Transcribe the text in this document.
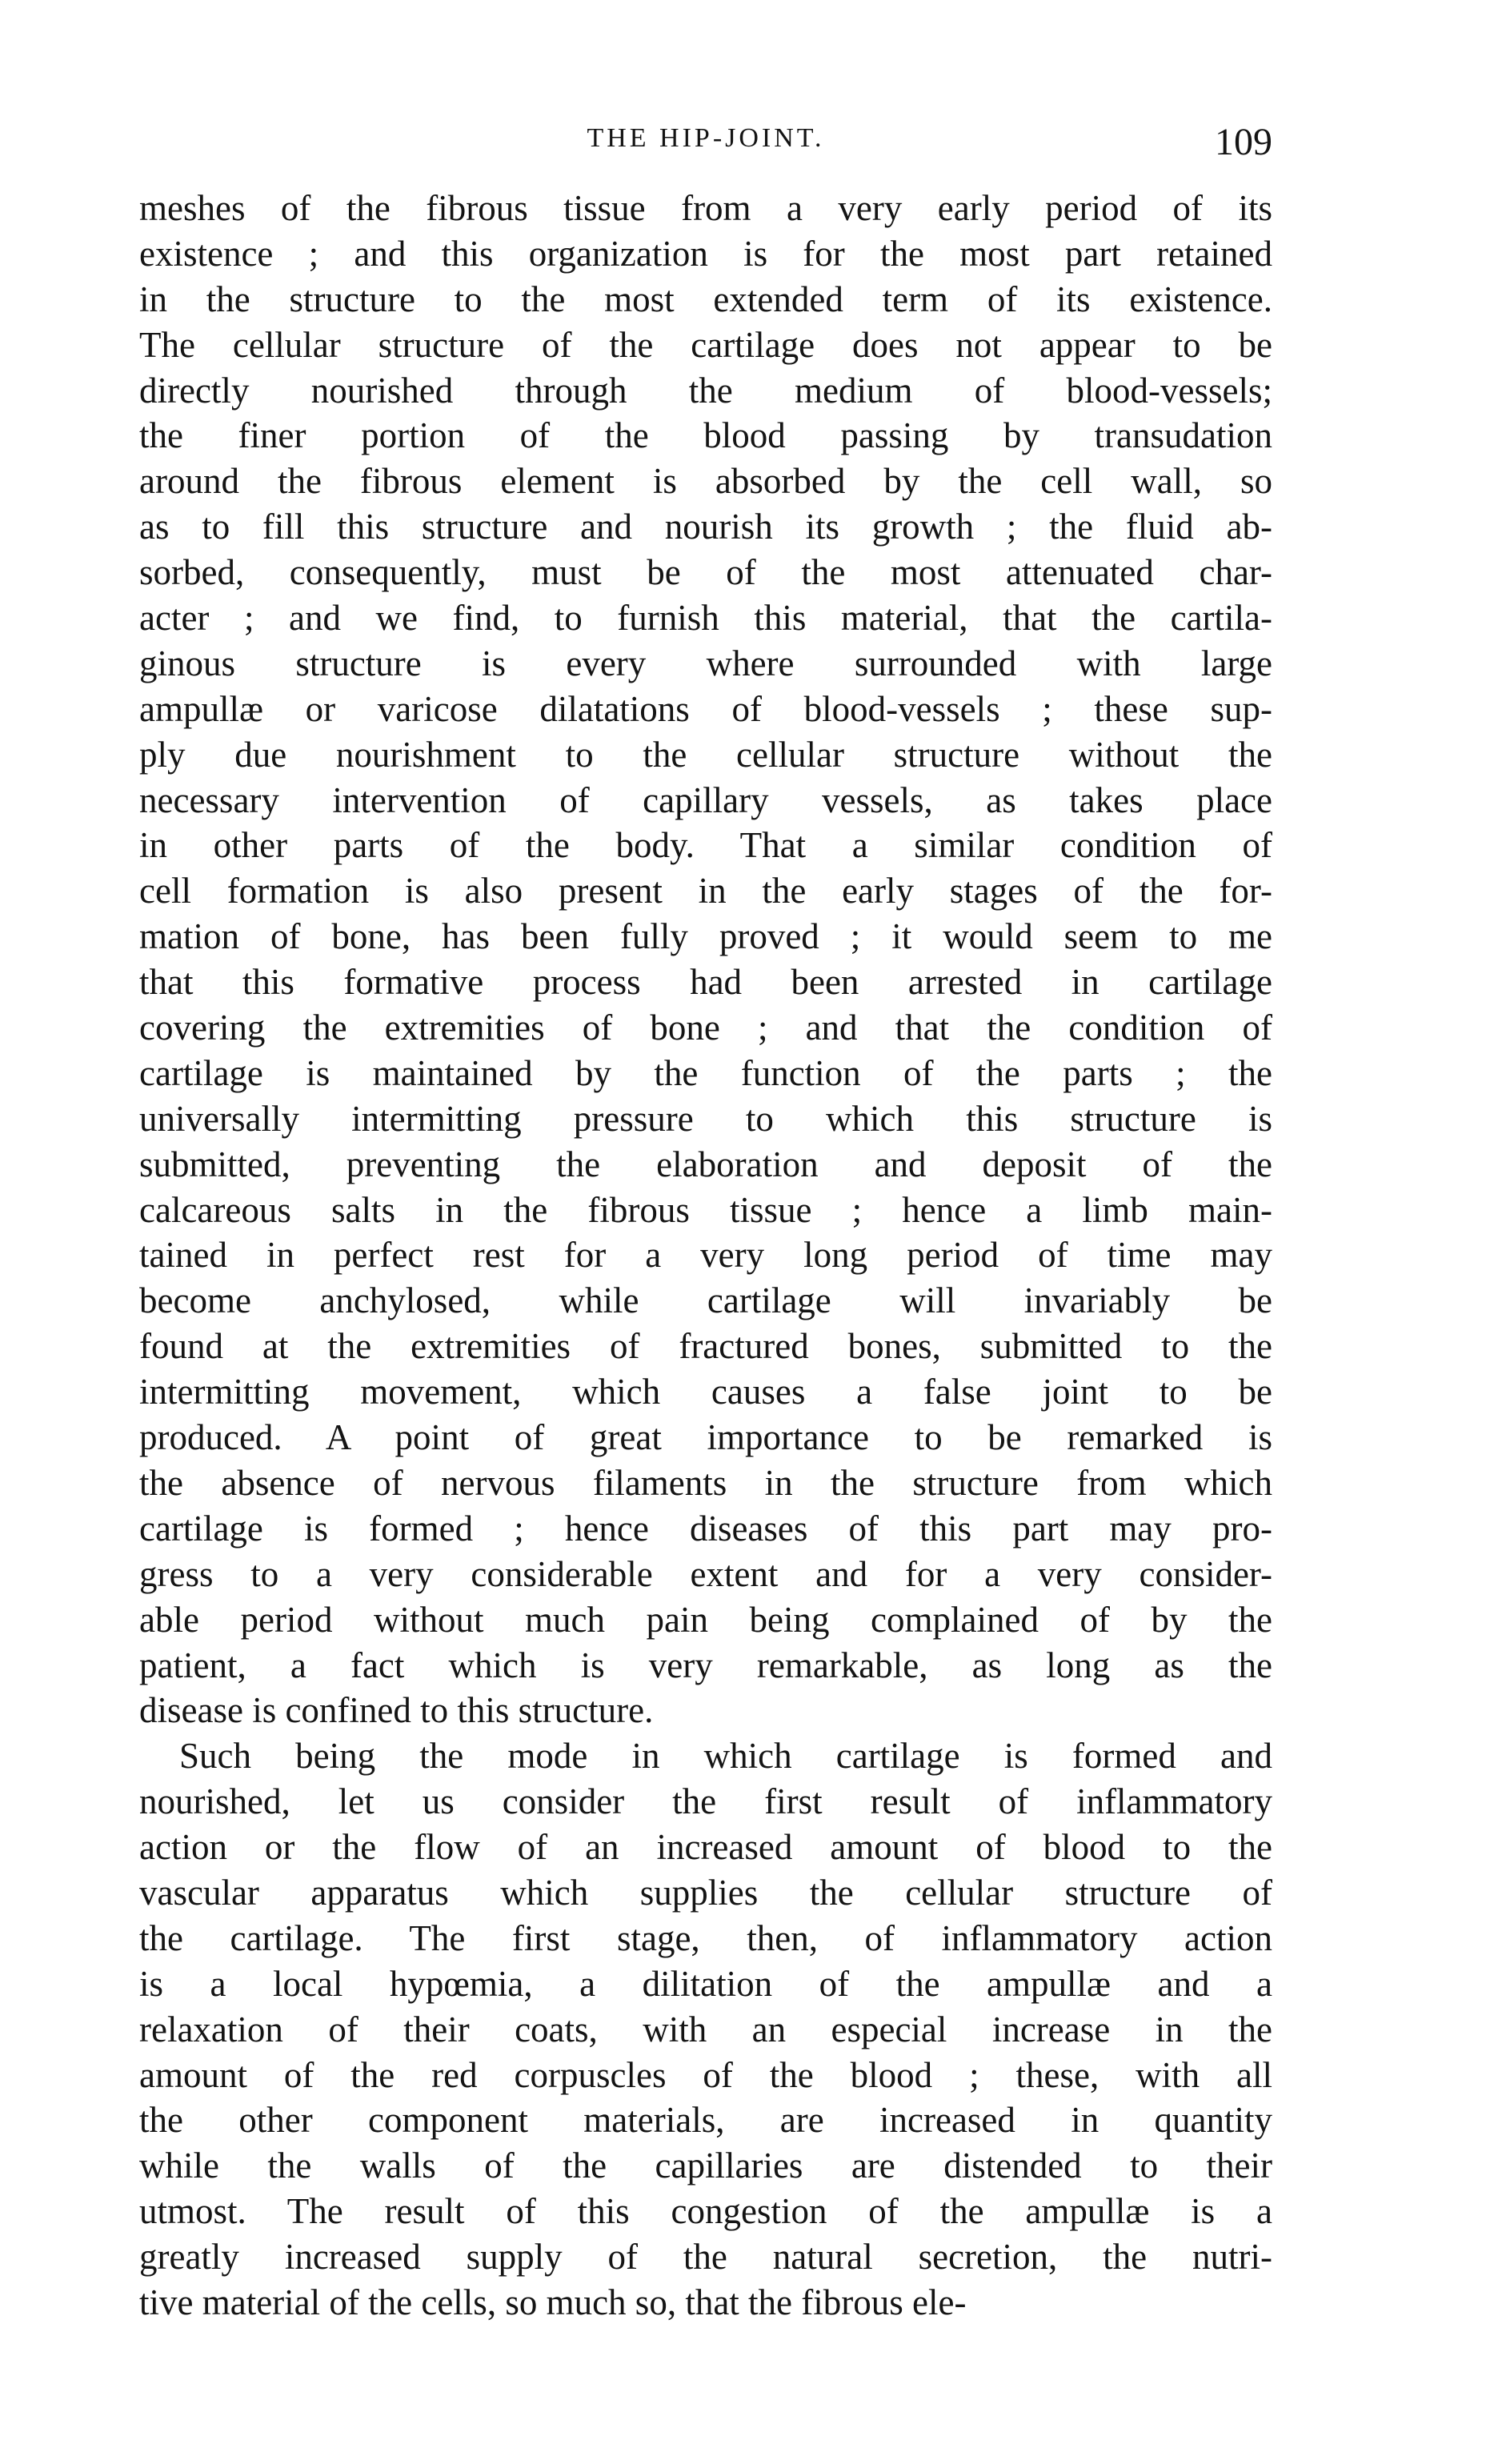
THE HIP-JOINT.	109
meshes of the fibrous tissue from a very early period of its
existence ; and this organization is for the most part retained
in the structure to the most extended term of its existence.
The cellular structure of the cartilage does not appear to be
directly nourished through the medium of blood-vessels;
the finer portion of the blood passing by transudation
around the fibrous element is absorbed by the cell wall, so
as to fill this structure and nourish its growth ; the fluid ab-
sorbed, consequently, must be of the most attenuated char-
acter ; and we find, to furnish this material, that the cartila-
ginous structure is every where surrounded with large
ampullæ or varicose dilatations of blood-vessels ; these sup-
ply due nourishment to the cellular structure without the
necessary intervention of capillary vessels, as takes place
in other parts of the body. That a similar condition of
cell formation is also present in the early stages of the for-
mation of bone, has been fully proved ; it would seem to me
that this formative process had been arrested in cartilage
covering the extremities of bone ; and that the condition of
cartilage is maintained by the function of the parts ; the
universally intermitting pressure to which this structure is
submitted, preventing the elaboration and deposit of the
calcareous salts in the fibrous tissue ; hence a limb main-
tained in perfect rest for a very long period of time may
become anchylosed, while cartilage will invariably be
found at the extremities of fractured bones, submitted to the
intermitting movement, which causes a false joint to be
produced. A point of great importance to be remarked is
the absence of nervous filaments in the structure from which
cartilage is formed ; hence diseases of this part may pro-
gress to a very considerable extent and for a very consider-
able period without much pain being complained of by the
patient, a fact which is very remarkable, as long as the
disease is confined to this structure.
Such being the mode in which cartilage is formed and
nourished, let us consider the first result of inflammatory
action or the flow of an increased amount of blood to the
vascular apparatus which supplies the cellular structure of
the cartilage. The first stage, then, of inflammatory action
is a local hypœmia, a dilitation of the ampullæ and a
relaxation of their coats, with an especial increase in the
amount of the red corpuscles of the blood ; these, with all
the other component materials, are increased in quantity
while the walls of the capillaries are distended to their
utmost. The result of this congestion of the ampullæ is a
greatly increased supply of the natural secretion, the nutri-
tive material of the cells, so much so, that the fibrous ele-
